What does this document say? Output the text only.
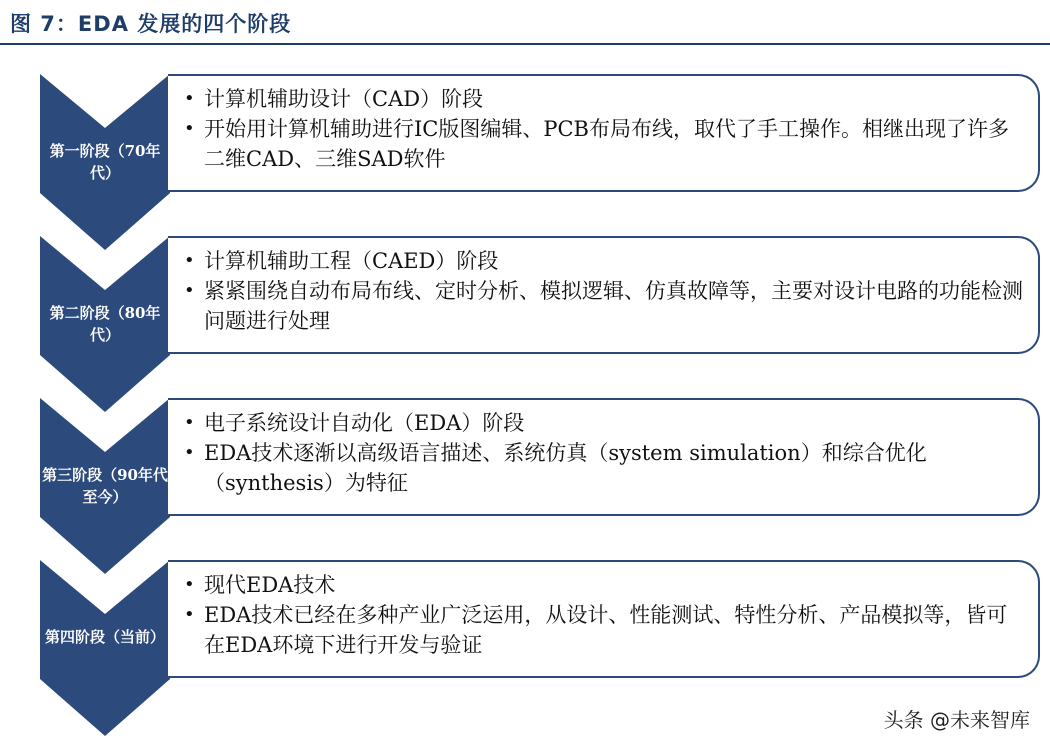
图 7：EDA 发展的四个阶段
第一阶段（70年代）
• 计算机辅助设计（CAD）阶段
• 开始用计算机辅助进行IC版图编辑、PCB布局布线，取代了手工操作。相继出现了许多二维CAD、三维SAD软件
第二阶段（80年代）
• 计算机辅助工程（CAED）阶段
• 紧紧围绕自动布局布线、定时分析、模拟逻辑、仿真故障等，主要对设计电路的功能检测问题进行处理
第三阶段（90年代至今）
• 电子系统设计自动化（EDA）阶段
• EDA技术逐渐以高级语言描述、系统仿真（system simulation）和综合优化（synthesis）为特征
第四阶段（当前）
• 现代EDA技术
• EDA技术已经在多种产业广泛运用，从设计、性能测试、特性分析、产品模拟等，皆可在EDA环境下进行开发与验证
头条 @未来智库
